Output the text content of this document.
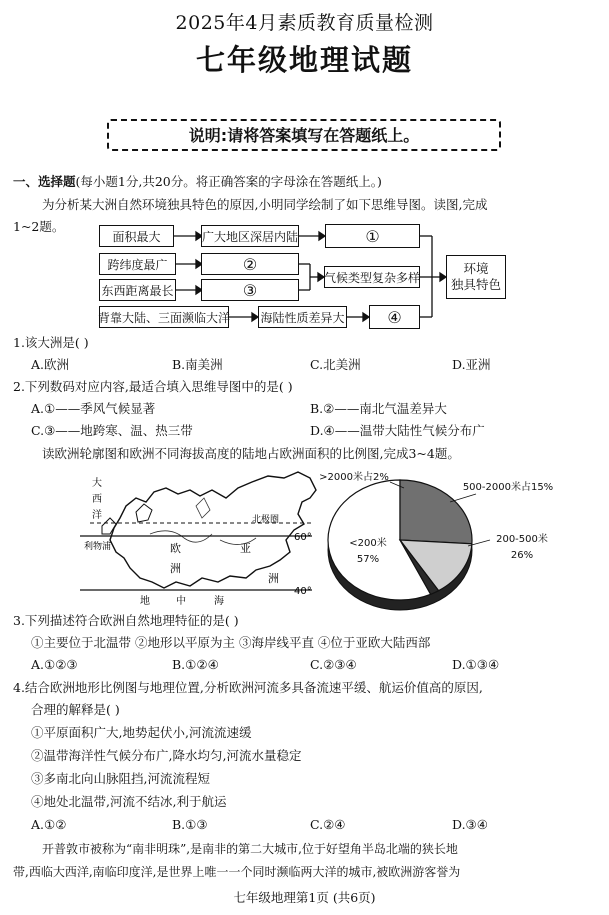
2025年4月素质教育质量检测
七年级地理试题
说明:请将答案填写在答题纸上。
一、选择题(每小题1分,共20分。将正确答案的字母涂在答题纸上。)
为分析某大洲自然环境独具特色的原因,小明同学绘制了如下思维导图。读图,完成
1~2题。
面积最大	广大地区深居内陆	①
跨纬度最广	②
东西距离最长	③
气候类型复杂多样
背靠大陆、三面濒临大洋	海陆性质差异大	④
环境
独具特色
1.该大洲是( )
A.欧洲	B.南美洲	C.北美洲	D.亚洲
2.下列数码对应内容,最适合填入思维导图中的是( )
A.①——季风气候显著	B.②——南北气温差异大
C.③——地跨寒、温、热三带	D.④——温带大陆性气候分布广
读欧洲轮廓图和欧洲不同海拔高度的陆地占欧洲面积的比例图,完成3~4题。
大
西
洋	北极圈
60°
40°
利物浦	欧
洲
亚
洲
地	中	海
<200米
57%
200-500米
26%
500-2000米占15%
>2000米占2%
3.下列描述符合欧洲自然地理特征的是( )
①主要位于北温带 ②地形以平原为主 ③海岸线平直 ④位于亚欧大陆西部
A.①②③	B.①②④	C.②③④	D.①③④
4.结合欧洲地形比例图与地理位置,分析欧洲河流多具备流速平缓、航运价值高的原因,
合理的解释是( )
①平原面积广大,地势起伏小,河流流速缓
②温带海洋性气候分布广,降水均匀,河流水量稳定
③多南北向山脉阻挡,河流流程短
④地处北温带,河流不结冰,利于航运
A.①②	B.①③	C.②④	D.③④
开普敦市被称为“南非明珠”,是南非的第二大城市,位于好望角半岛北端的狭长地
带,西临大西洋,南临印度洋,是世界上唯一一个同时濒临两大洋的城市,被欧洲游客誉为
七年级地理第1页 (共6页)
